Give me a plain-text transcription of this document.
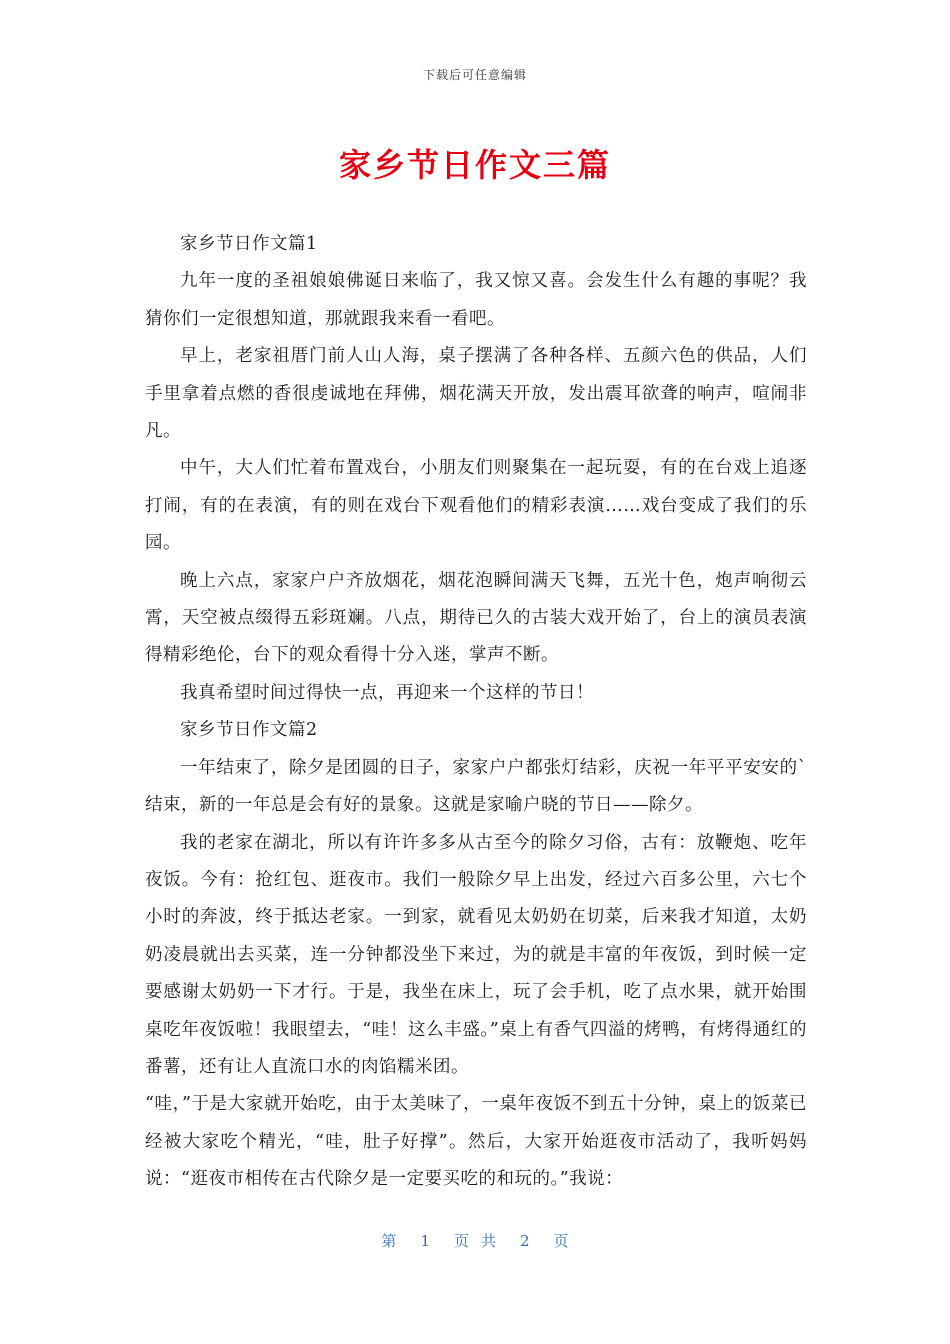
下载后可任意编辑
家乡节日作文三篇

家乡节日作文篇1

九年一度的圣祖娘娘佛诞日来临了，我又惊又喜。会发生什么有趣的事呢？我猜你们一定很想知道，那就跟我来看一看吧。

早上，老家祖厝门前人山人海，桌子摆满了各种各样、五颜六色的供品，人们手里拿着点燃的香很虔诚地在拜佛，烟花满天开放，发出震耳欲聋的响声，喧闹非凡。

中午，大人们忙着布置戏台，小朋友们则聚集在一起玩耍，有的在台戏上追逐打闹，有的在表演，有的则在戏台下观看他们的精彩表演……戏台变成了我们的乐园。

晚上六点，家家户户齐放烟花，烟花泡瞬间满天飞舞，五光十色，炮声响彻云霄，天空被点缀得五彩斑斓。八点，期待已久的古装大戏开始了，台上的演员表演得精彩绝伦，台下的观众看得十分入迷，掌声不断。

我真希望时间过得快一点，再迎来一个这样的节日！

家乡节日作文篇2

一年结束了，除夕是团圆的日子，家家户户都张灯结彩，庆祝一年平平安安的`结束，新的一年总是会有好的景象。这就是家喻户晓的节日——除夕。

我的老家在湖北，所以有许许多多从古至今的除夕习俗，古有：放鞭炮、吃年夜饭。今有：抢红包、逛夜市。我们一般除夕早上出发，经过六百多公里，六七个小时的奔波，终于抵达老家。一到家，就看见太奶奶在切菜，后来我才知道，太奶奶凌晨就出去买菜，连一分钟都没坐下来过，为的就是丰富的年夜饭，到时候一定要感谢太奶奶一下才行。于是，我坐在床上，玩了会手机，吃了点水果，就开始围桌吃年夜饭啦！我眼望去，“哇！这么丰盛。”桌上有香气四溢的烤鸭，有烤得通红的番薯，还有让人直流口水的肉馅糯米团。

“哇，”于是大家就开始吃，由于太美味了，一桌年夜饭不到五十分钟，桌上的饭菜已经被大家吃个精光，“哇，肚子好撑”。然后，大家开始逛夜市活动了，我听妈妈说：“逛夜市相传在古代除夕是一定要买吃的和玩的。”我说：

第 1 页共 2 页
